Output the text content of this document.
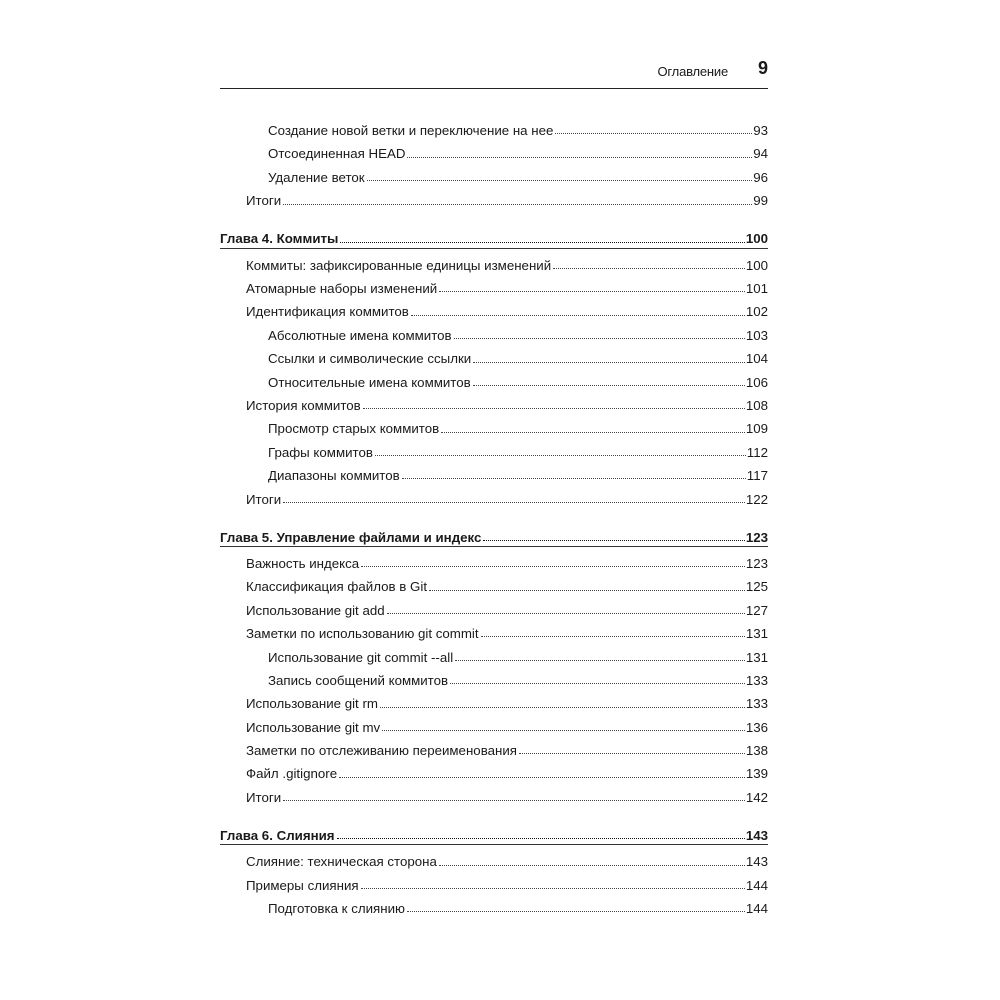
Оглавление 9
Создание новой ветки и переключение на нее	93
Отсоединенная HEAD	94
Удаление веток	96
Итоги	99
Глава 4. Коммиты	100
Коммиты: зафиксированные единицы изменений	100
Атомарные наборы изменений	101
Идентификация коммитов	102
Абсолютные имена коммитов	103
Ссылки и символические ссылки	104
Относительные имена коммитов	106
История коммитов	108
Просмотр старых коммитов	109
Графы коммитов	112
Диапазоны коммитов	117
Итоги	122
Глава 5. Управление файлами и индекс	123
Важность индекса	123
Классификация файлов в Git	125
Использование git add	127
Заметки по использованию git commit	131
Использование git commit --all	131
Запись сообщений коммитов	133
Использование git rm	133
Использование git mv	136
Заметки по отслеживанию переименования	138
Файл .gitignore	139
Итоги	142
Глава 6. Слияния	143
Слияние: техническая сторона	143
Примеры слияния	144
Подготовка к слиянию	144
